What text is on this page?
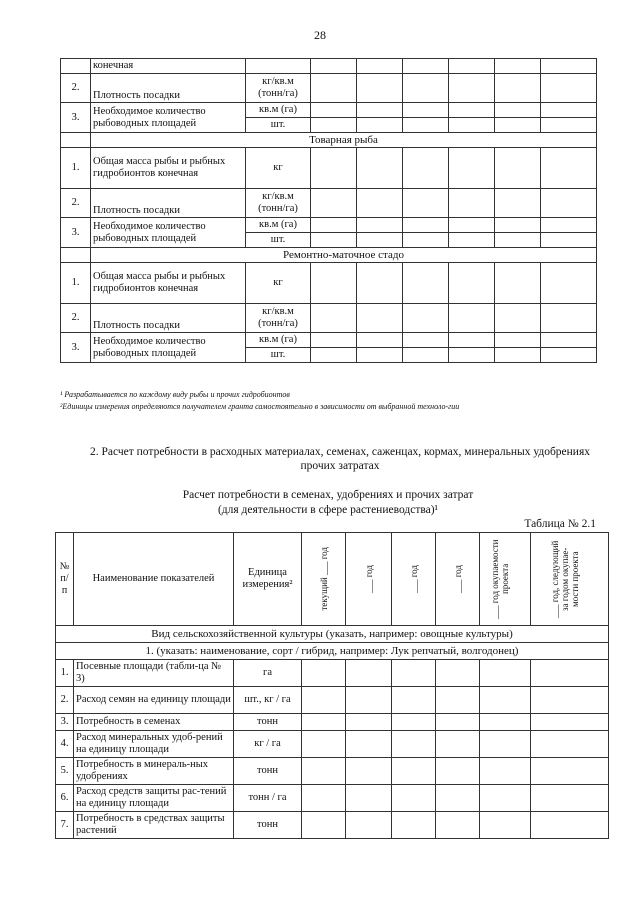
28
	конечная							
2.	Плотность посадки	кг/кв.м (тонн/га)						
3.	Необходимое количество рыбоводных площадей	кв.м (га)						
		шт.						
	Товарная рыба							
1.	Общая масса рыбы и рыбных гидробионтов конечная	кг						
2.	Плотность посадки	кг/кв.м (тонн/га)						
3.	Необходимое количество рыбоводных площадей	кв.м (га)						
		шт.						
	Ремонтно-маточное стадо							
1.	Общая масса рыбы и рыбных гидробионтов конечная	кг						
2.	Плотность посадки	кг/кв.м (тонн/га)						
3.	Необходимое количество рыбоводных площадей	кв.м (га)						
		шт.						
¹ Разрабатывается по каждому виду рыбы и прочих гидробионтов
²Единицы измерения определяются получателем гранта самостоятельно в зависимости от выбранной техноло-гии
2. Расчет потребности в расходных материалах, семенах, саженцах, кормах, минеральных удобрениях прочих затратах
Расчет потребности в семенах, удобрениях и прочих затрат
(для деятельности в сфере растениеводства)¹
Таблица № 2.1
№ п/п	Наименование показателей	Единица измерения²	текущий ___ год	___ год	___ год	___ год	___ год окупаемости проекта	___ год, следующий за годом окупае-мости проекта

Вид сельскохозяйственной культуры (указать, например: овощные культуры)								
1. (указать: наименование, сорт / гибрид, например: Лук репчатый, волгодонец)								
1.	Посевные площади (табли-ца № 3)	га						
2.	Расход семян на единицу площади	шт., кг / га						
3.	Потребность в семенах	тонн						
4.	Расход минеральных удоб-рений на единицу площади	кг / га						
5.	Потребность в минераль-ных удобрениях	тонн						
6.	Расход средств защиты рас-тений на единицу площади	тонн / га						
7.	Потребность в средствах защиты растений	тонн						
